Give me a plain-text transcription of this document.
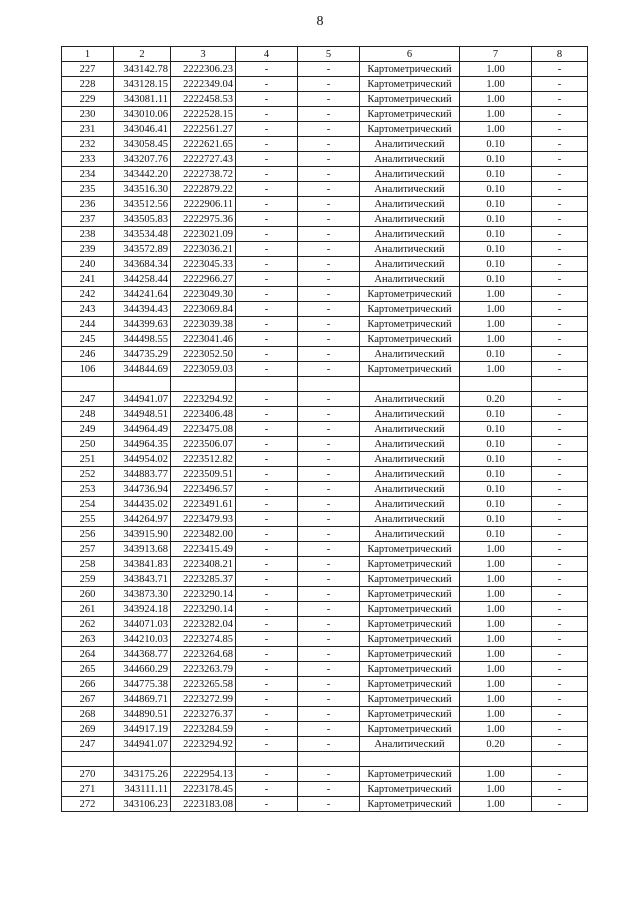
8
1	2	3	4	5	6	7	8
227	343142.78	2222306.23	-	-	Картометрический	1.00	-
228	343128.15	2222349.04	-	-	Картометрический	1.00	-
229	343081.11	2222458.53	-	-	Картометрический	1.00	-
230	343010.06	2222528.15	-	-	Картометрический	1.00	-
231	343046.41	2222561.27	-	-	Картометрический	1.00	-
232	343058.45	2222621.65	-	-	Аналитический	0.10	-
233	343207.76	2222727.43	-	-	Аналитический	0.10	-
234	343442.20	2222738.72	-	-	Аналитический	0.10	-
235	343516.30	2222879.22	-	-	Аналитический	0.10	-
236	343512.56	2222906.11	-	-	Аналитический	0.10	-
237	343505.83	2222975.36	-	-	Аналитический	0.10	-
238	343534.48	2223021.09	-	-	Аналитический	0.10	-
239	343572.89	2223036.21	-	-	Аналитический	0.10	-
240	343684.34	2223045.33	-	-	Аналитический	0.10	-
241	344258.44	2222966.27	-	-	Аналитический	0.10	-
242	344241.64	2223049.30	-	-	Картометрический	1.00	-
243	344394.43	2223069.84	-	-	Картометрический	1.00	-
244	344399.63	2223039.38	-	-	Картометрический	1.00	-
245	344498.55	2223041.46	-	-	Картометрический	1.00	-
246	344735.29	2223052.50	-	-	Аналитический	0.10	-
106	344844.69	2223059.03	-	-	Картометрический	1.00	-

247	344941.07	2223294.92	-	-	Аналитический	0.20	-
248	344948.51	2223406.48	-	-	Аналитический	0.10	-
249	344964.49	2223475.08	-	-	Аналитический	0.10	-
250	344964.35	2223506.07	-	-	Аналитический	0.10	-
251	344954.02	2223512.82	-	-	Аналитический	0.10	-
252	344883.77	2223509.51	-	-	Аналитический	0.10	-
253	344736.94	2223496.57	-	-	Аналитический	0.10	-
254	344435.02	2223491.61	-	-	Аналитический	0.10	-
255	344264.97	2223479.93	-	-	Аналитический	0.10	-
256	343915.90	2223482.00	-	-	Аналитический	0.10	-
257	343913.68	2223415.49	-	-	Картометрический	1.00	-
258	343841.83	2223408.21	-	-	Картометрический	1.00	-
259	343843.71	2223285.37	-	-	Картометрический	1.00	-
260	343873.30	2223290.14	-	-	Картометрический	1.00	-
261	343924.18	2223290.14	-	-	Картометрический	1.00	-
262	344071.03	2223282.04	-	-	Картометрический	1.00	-
263	344210.03	2223274.85	-	-	Картометрический	1.00	-
264	344368.77	2223264.68	-	-	Картометрический	1.00	-
265	344660.29	2223263.79	-	-	Картометрический	1.00	-
266	344775.38	2223265.58	-	-	Картометрический	1.00	-
267	344869.71	2223272.99	-	-	Картометрический	1.00	-
268	344890.51	2223276.37	-	-	Картометрический	1.00	-
269	344917.19	2223284.59	-	-	Картометрический	1.00	-
247	344941.07	2223294.92	-	-	Аналитический	0.20	-

270	343175.26	2222954.13	-	-	Картометрический	1.00	-
271	343111.11	2223178.45	-	-	Картометрический	1.00	-
272	343106.23	2223183.08	-	-	Картометрический	1.00	-
